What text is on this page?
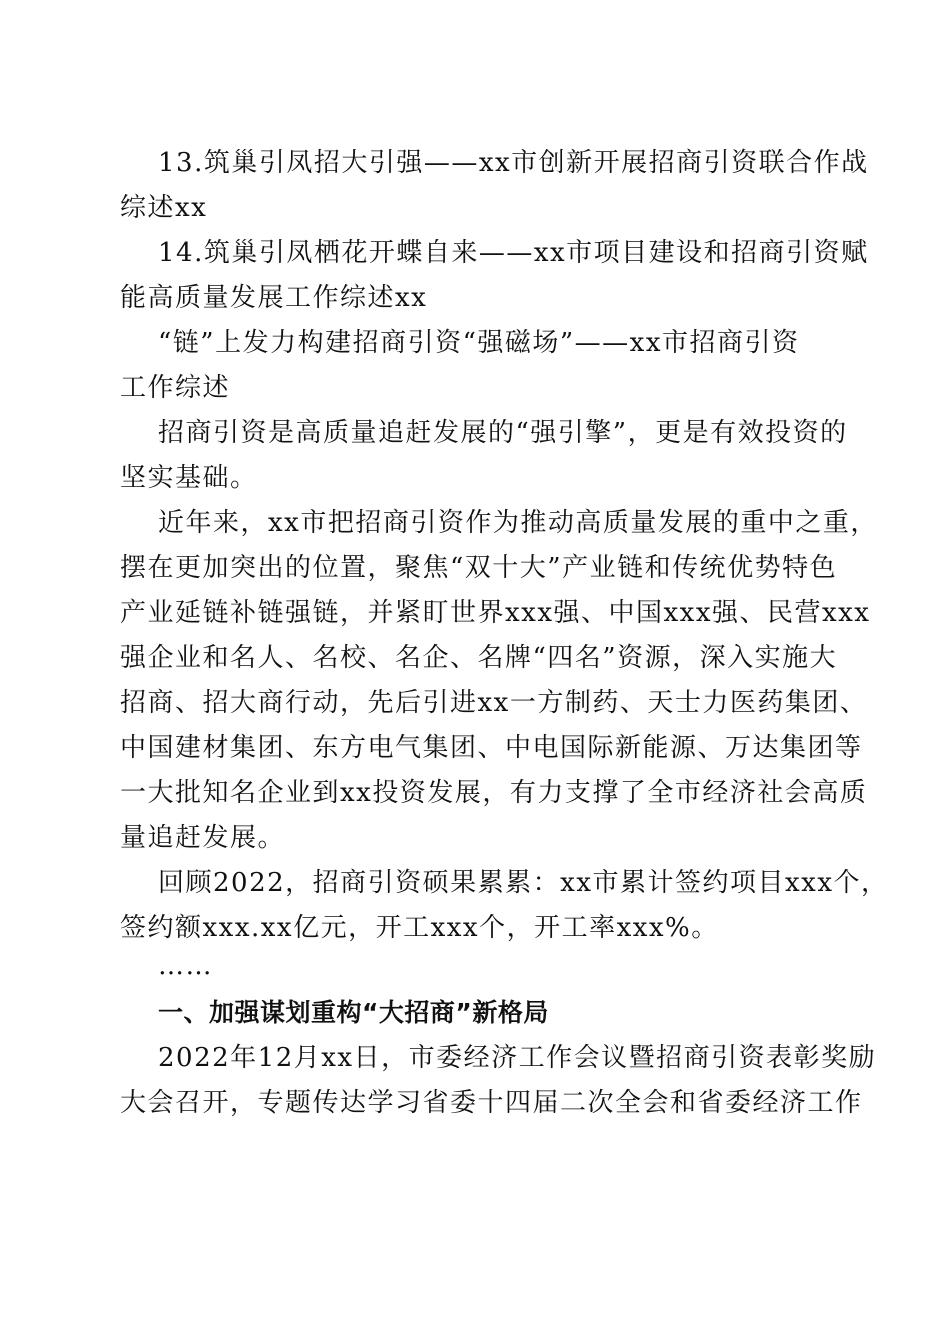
13.筑巢引凤招大引强——xx市创新开展招商引资联合作战
综述xx
14.筑巢引凤栖花开蝶自来——xx市项目建设和招商引资赋
能高质量发展工作综述xx
“链”上发力构建招商引资“强磁场”——xx市招商引资
工作综述
招商引资是高质量追赶发展的“强引擎”，更是有效投资的
坚实基础。
近年来，xx市把招商引资作为推动高质量发展的重中之重，
摆在更加突出的位置，聚焦“双十大”产业链和传统优势特色
产业延链补链强链，并紧盯世界xxx强、中国xxx强、民营xxx
强企业和名人、名校、名企、名牌“四名”资源，深入实施大
招商、招大商行动，先后引进xx一方制药、天士力医药集团、
中国建材集团、东方电气集团、中电国际新能源、万达集团等
一大批知名企业到xx投资发展，有力支撑了全市经济社会高质
量追赶发展。
回顾2022，招商引资硕果累累：xx市累计签约项目xxx个，
签约额xxx.xx亿元，开工xxx个，开工率xxx%。
……
一、加强谋划重构“大招商”新格局
2022年12月xx日，市委经济工作会议暨招商引资表彰奖励
大会召开，专题传达学习省委十四届二次全会和省委经济工作
